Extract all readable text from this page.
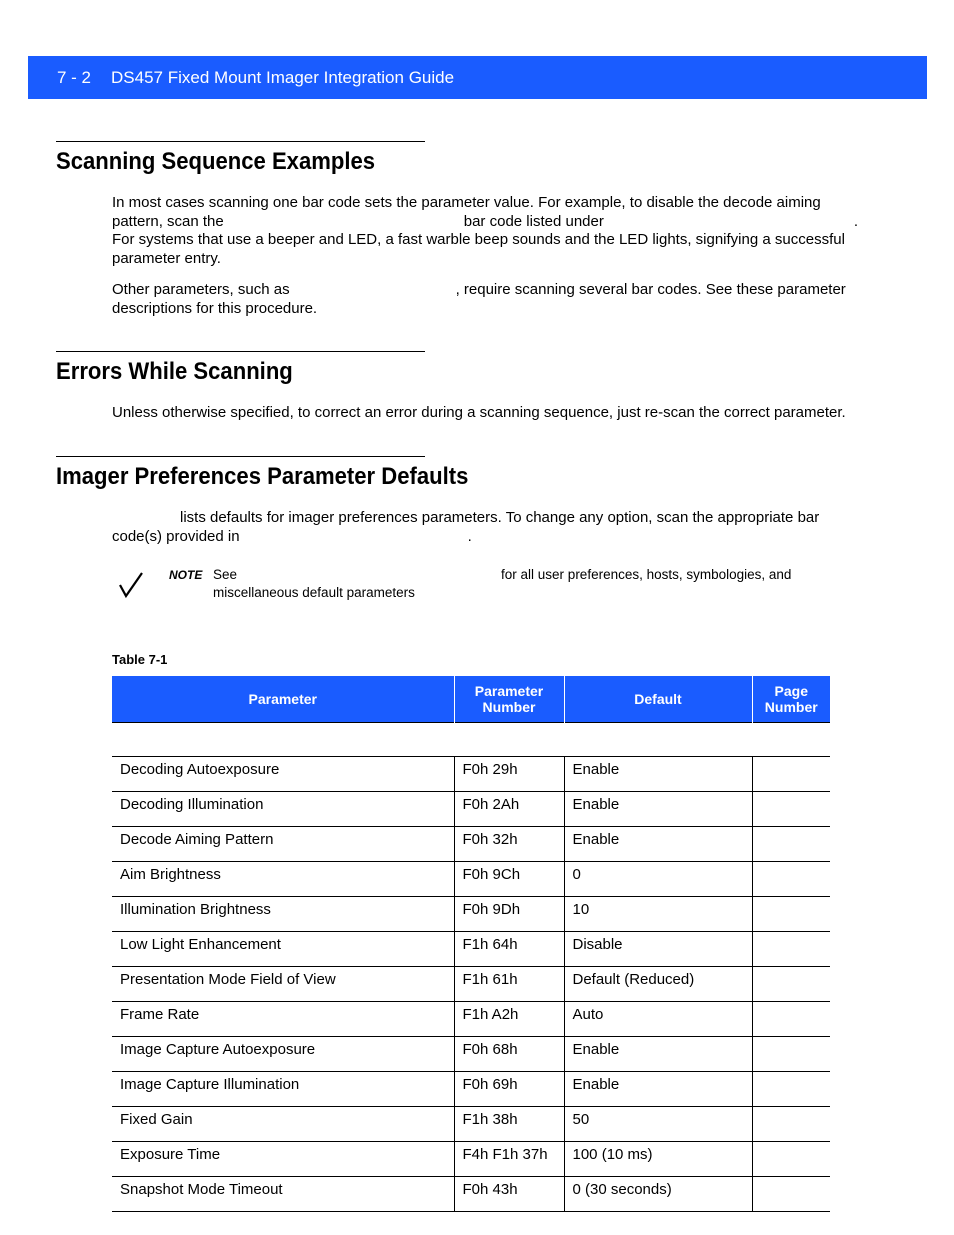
7 - 2 DS457 Fixed Mount Imager Integration Guide
Scanning Sequence Examples
In most cases scanning one bar code sets the parameter value. For example, to disable the decode aiming pattern, scan the	bar code listed under	.
For systems that use a beeper and LED, a fast warble beep sounds and the LED lights, signifying a successful parameter entry.
Other parameters, such as	, require scanning several bar codes. See these parameter descriptions for this procedure.
Errors While Scanning
Unless otherwise specified, to correct an error during a scanning sequence, just re-scan the correct parameter.
Imager Preferences Parameter Defaults
lists defaults for imager preferences parameters. To change any option, scan the appropriate bar code(s) provided in	.
NOTE See	for all user preferences, hosts, symbologies, and miscellaneous default parameters
Table 7-1
Parameter	Parameter Number	Default	Page Number

Decoding Autoexposure	F0h 29h	Enable	
Decoding Illumination	F0h 2Ah	Enable	
Decode Aiming Pattern	F0h 32h	Enable	
Aim Brightness	F0h 9Ch	0	
Illumination Brightness	F0h 9Dh	10	
Low Light Enhancement	F1h 64h	Disable	
Presentation Mode Field of View	F1h 61h	Default (Reduced)	
Frame Rate	F1h A2h	Auto	
Image Capture Autoexposure	F0h 68h	Enable	
Image Capture Illumination	F0h 69h	Enable	
Fixed Gain	F1h 38h	50	
Exposure Time	F4h F1h 37h	100 (10 ms)	
Snapshot Mode Timeout	F0h 43h	0 (30 seconds)	
